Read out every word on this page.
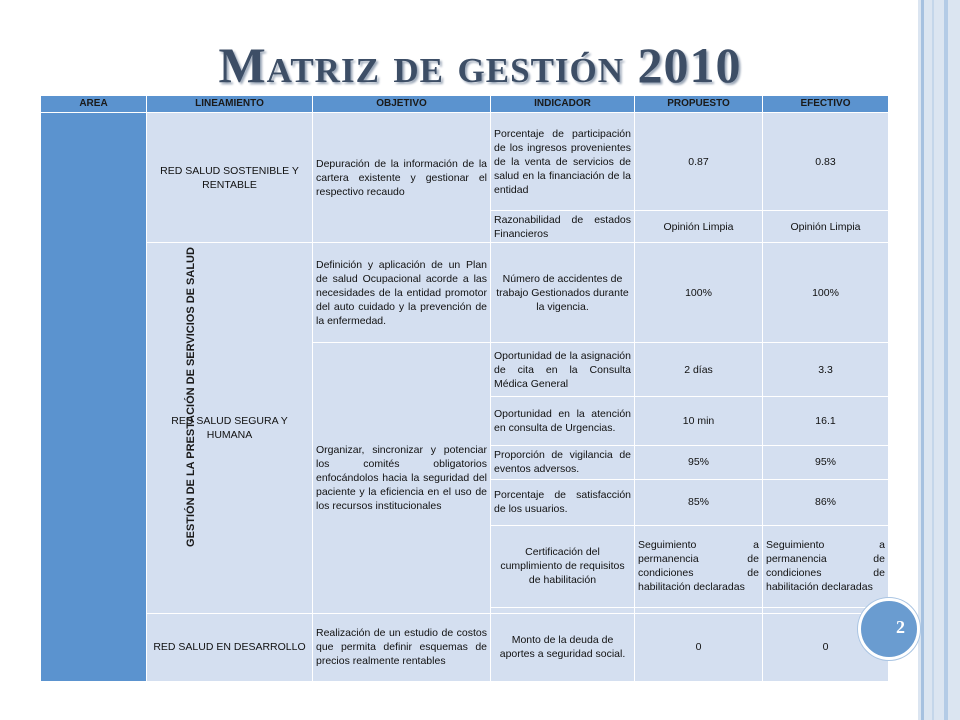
Matriz de gestión 2010
AREA	LINEAMIENTO	OBJETIVO	INDICADOR	PROPUESTO	EFECTIVO	
GESTIÓN DE LA PRESTACIÓN DE SERVICIOS DE SALUD	RED SALUD SOSTENIBLE Y RENTABLE	Depuración de la información de la cartera existente y gestionar el respectivo recaudo	Porcentaje de participación de los ingresos provenientes de la venta de servicios de salud en la financiación de la entidad	0.87	0.83	
			Razonabilidad de estados Financieros	Opinión Limpia	Opinión Limpia	
	RED SALUD SEGURA Y HUMANA	Definición y aplicación de un Plan de salud Ocupacional acorde a las necesidades de la entidad promotor del auto cuidado y la prevención de la enfermedad.	Número de accidentes de trabajo Gestionados durante la vigencia.	100%	100%	
		Organizar, sincronizar y potenciar los comités obligatorios enfocándolos hacia la seguridad del paciente y la eficiencia en el uso de los recursos institucionales	Oportunidad de la asignación de cita en la Consulta Médica General	2 días	3.3	
			Oportunidad en la atención en consulta de Urgencias.	10 min	16.1	
			Proporción de vigilancia de eventos adversos.	95%	95%	
			Porcentaje de satisfacción de los usuarios.	85%	86%	
			Certificación del cumplimiento de requisitos de habilitación	Seguimiento a permanencia de condiciones de habilitación declaradas	Seguimiento a permanencia de condiciones de habilitación declaradas	

	RED SALUD EN DESARROLLO	Realización de un estudio de costos que permita definir esquemas de precios realmente rentables	Monto de la deuda de aportes a seguridad social.	0	0	
2
